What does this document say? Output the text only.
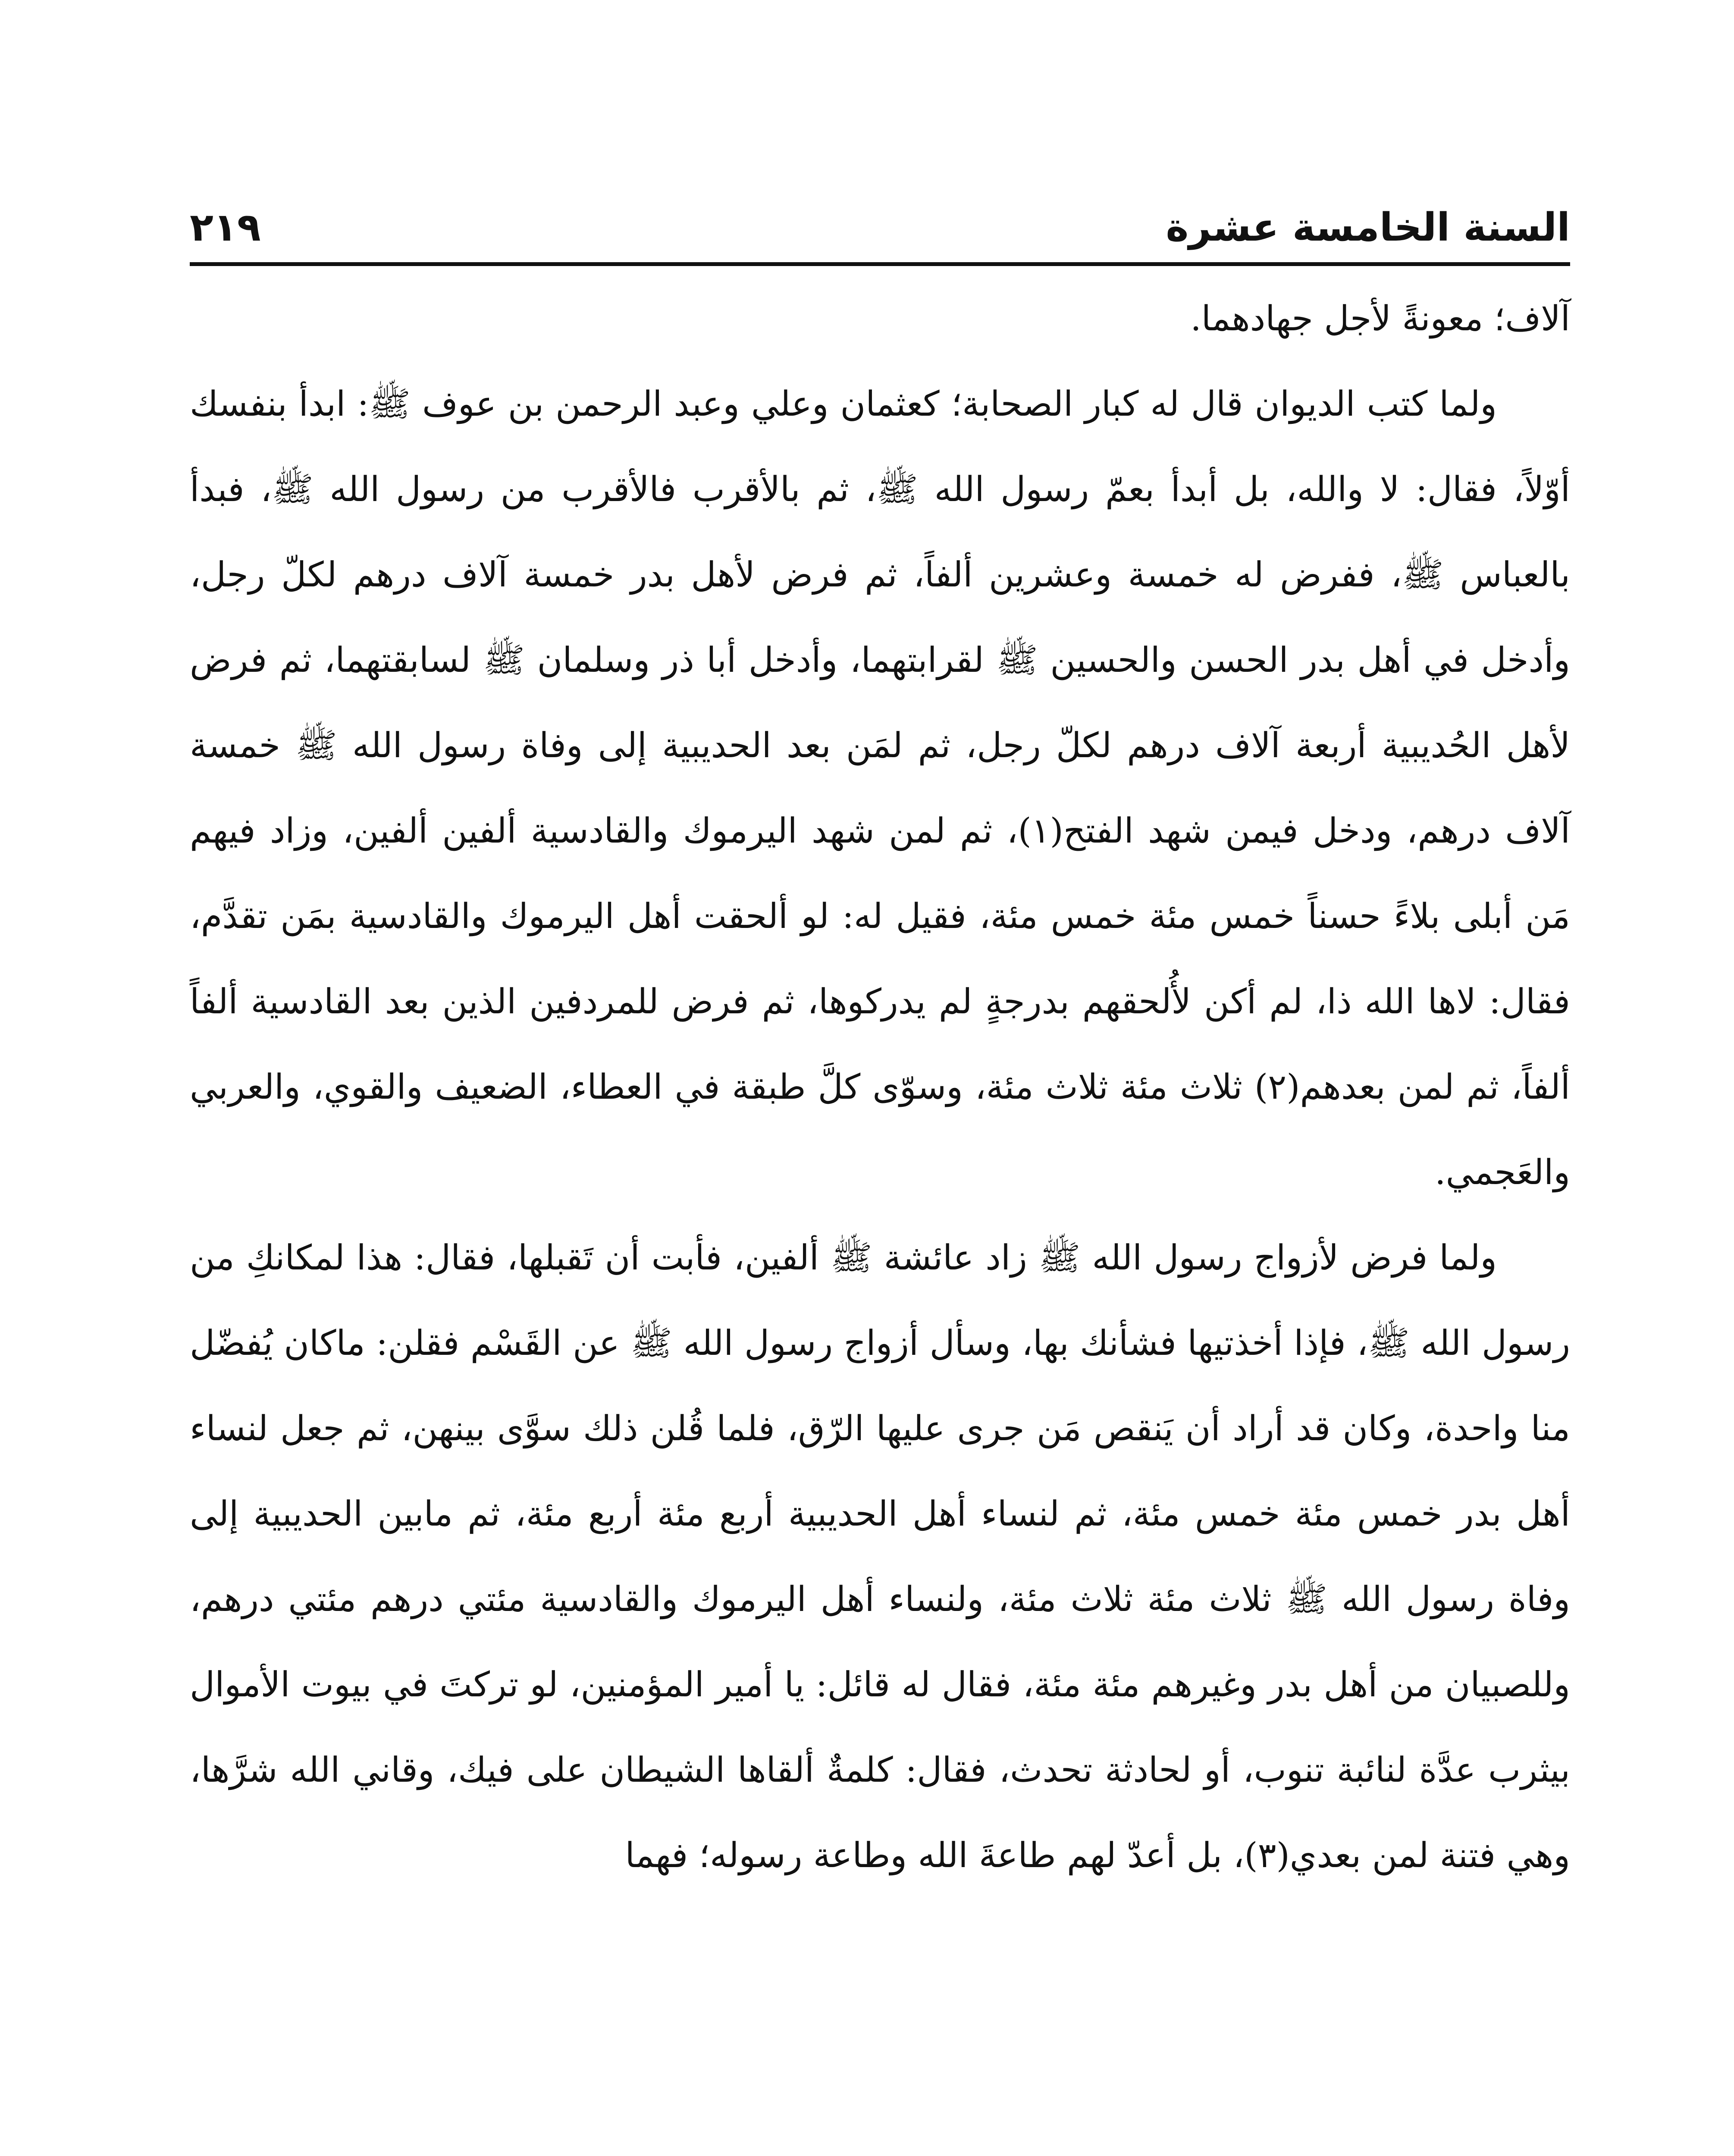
السنة الخامسة عشرة
٢١٩

آلاف؛ معونةً لأجل جهادهما.

ولما كتب الديوان قال له كبار الصحابة؛ كعثمان وعلي وعبد الرحمن بن عوف ﷺ: ابدأ بنفسك أوّلاً، فقال: لا والله، بل أبدأ بعمّ رسول الله ﷺ، ثم بالأقرب فالأقرب من رسول الله ﷺ، فبدأ بالعباس ﷺ، ففرض له خمسة وعشرين ألفاً، ثم فرض لأهل بدر خمسة آلاف درهم لكلّ رجل، وأدخل في أهل بدر الحسن والحسين ﷺ لقرابتهما، وأدخل أبا ذر وسلمان ﷺ لسابقتهما، ثم فرض لأهل الحُديبية أربعة آلاف درهم لكلّ رجل، ثم لمَن بعد الحديبية إلى وفاة رسول الله ﷺ خمسة آلاف درهم، ودخل فيمن شهد الفتح(١)، ثم لمن شهد اليرموك والقادسية ألفين ألفين، وزاد فيهم مَن أبلى بلاءً حسناً خمس مئة خمس مئة، فقيل له: لو ألحقت أهل اليرموك والقادسية بمَن تقدَّم، فقال: لاها الله ذا، لم أكن لأُلحقهم بدرجةٍ لم يدركوها، ثم فرض للمردفين الذين بعد القادسية ألفاً ألفاً، ثم لمن بعدهم(٢) ثلاث مئة ثلاث مئة، وسوّى كلَّ طبقة في العطاء، الضعيف والقوي، والعربي والعَجمي.

ولما فرض لأزواج رسول الله ﷺ زاد عائشة ﷺ ألفين، فأبت أن تَقبلها، فقال: هذا لمكانكِ من رسول الله ﷺ، فإذا أخذتيها فشأنك بها، وسأل أزواج رسول الله ﷺ عن القَسْم فقلن: ماكان يُفضّل منا واحدة، وكان قد أراد أن يَنقص مَن جرى عليها الرّق، فلما قُلن ذلك سوَّى بينهن، ثم جعل لنساء أهل بدر خمس مئة خمس مئة، ثم لنساء أهل الحديبية أربع مئة أربع مئة، ثم مابين الحديبية إلى وفاة رسول الله ﷺ ثلاث مئة ثلاث مئة، ولنساء أهل اليرموك والقادسية مئتي درهم مئتي درهم، وللصبيان من أهل بدر وغيرهم مئة مئة، فقال له قائل: يا أمير المؤمنين، لو تركتَ في بيوت الأموال بيثرب عدَّة لنائبة تنوب، أو لحادثة تحدث، فقال: كلمةٌ ألقاها الشيطان على فيك، وقاني الله شرَّها، وهي فتنة لمن بعدي(٣)، بل أعدّ لهم طاعةَ الله وطاعة رسوله؛ فهما
